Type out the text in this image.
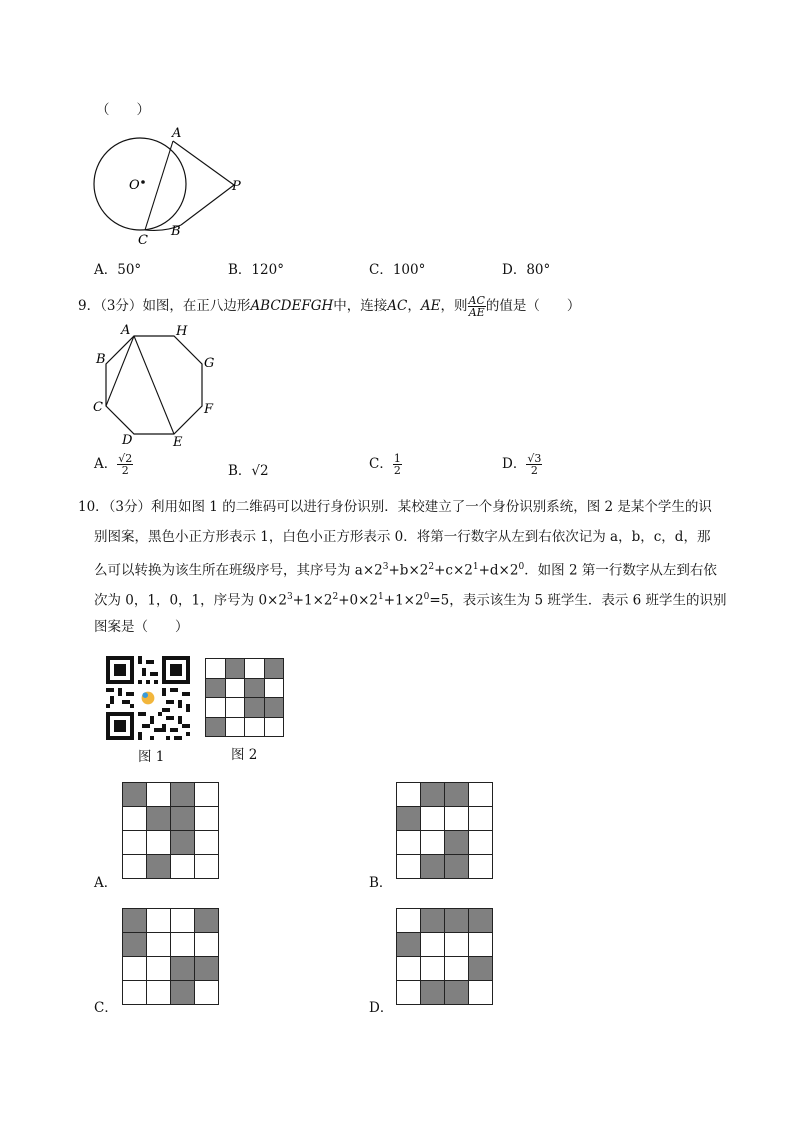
（　　）
A
O	P
B
C
A．50°	B．120°	C．100°	D．80°
9．（3分）如图，在正八边形ABCDEFGH中，连接AC，AE，则 $\frac{AC}{AE}$ 的值是（　　）
A	H
G
F
E
D
C
B
A． $\frac{√2}{2}$	B．√2	C． $\frac{1}{2}$	D． $\frac{√3}{2}$
10．（3分）利用如图 1 的二维码可以进行身份识别．某校建立了一个身份识别系统，图 2 是某个学生的识
别图案，黑色小正方形表示 1，白色小正方形表示 0．将第一行数字从左到右依次记为 a，b，c，d，那
么可以转换为该生所在班级序号，其序号为 $a\times 2^3+b\times 2^2+c\times 2^1+d\times 2^0$．如图 2 第一行数字从左到右依
次为 0，1，0，1，序号为 $0\times 2^3+1\times 2^2+0\times 2^1+1\times 2^0=5$，表示该生为 5 班学生．表示 6 班学生的识别
图案是（　　）
图 1	图 2
A．	B．
C．	D．
